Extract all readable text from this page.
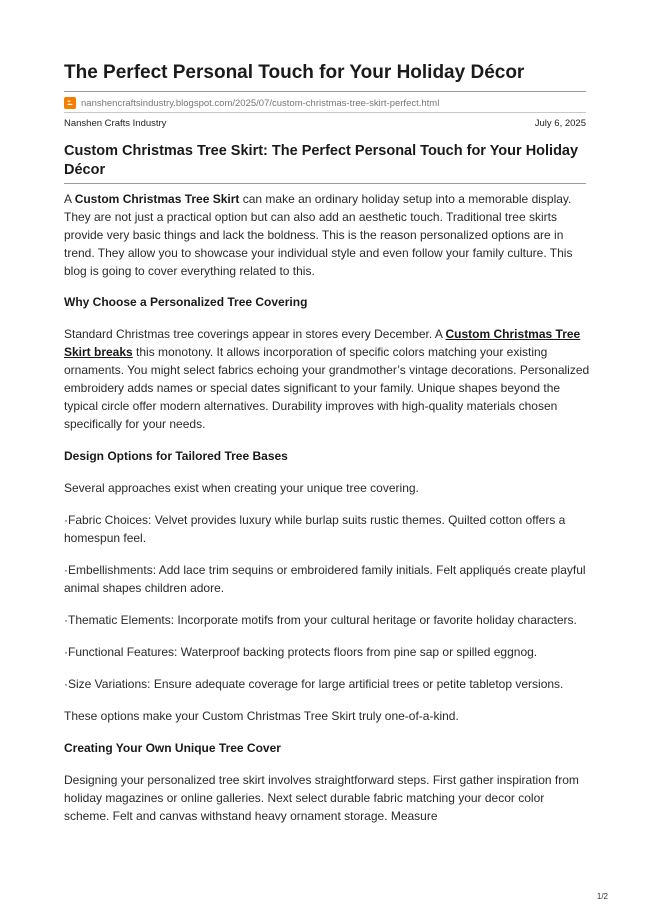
The Perfect Personal Touch for Your Holiday Décor
nanshencraftsindustry.blogspot.com/2025/07/custom-christmas-tree-skirt-perfect.html
Nanshen Crafts Industry	July 6, 2025
Custom Christmas Tree Skirt: The Perfect Personal Touch for Your Holiday Décor

A Custom Christmas Tree Skirt can make an ordinary holiday setup into a memorable display. They are not just a practical option but can also add an aesthetic touch. Traditional tree skirts provide very basic things and lack the boldness. This is the reason personalized options are in trend. They allow you to showcase your individual style and even follow your family culture. This blog is going to cover everything related to this.

Why Choose a Personalized Tree Covering

Standard Christmas tree coverings appear in stores every December. A Custom Christmas Tree Skirt breaks this monotony. It allows incorporation of specific colors matching your existing ornaments. You might select fabrics echoing your grandmother’s vintage decorations. Personalized embroidery adds names or special dates significant to your family. Unique shapes beyond the typical circle offer modern alternatives. Durability improves with high-quality materials chosen specifically for your needs.

Design Options for Tailored Tree Bases

Several approaches exist when creating your unique tree covering.

·Fabric Choices: Velvet provides luxury while burlap suits rustic themes. Quilted cotton offers a homespun feel.

·Embellishments: Add lace trim sequins or embroidered family initials. Felt appliqués create playful animal shapes children adore.

·Thematic Elements: Incorporate motifs from your cultural heritage or favorite holiday characters.

·Functional Features: Waterproof backing protects floors from pine sap or spilled eggnog.

·Size Variations: Ensure adequate coverage for large artificial trees or petite tabletop versions.

These options make your Custom Christmas Tree Skirt truly one-of-a-kind.

Creating Your Own Unique Tree Cover

Designing your personalized tree skirt involves straightforward steps. First gather inspiration from holiday magazines or online galleries. Next select durable fabric matching your decor color scheme. Felt and canvas withstand heavy ornament storage. Measure

1/2
